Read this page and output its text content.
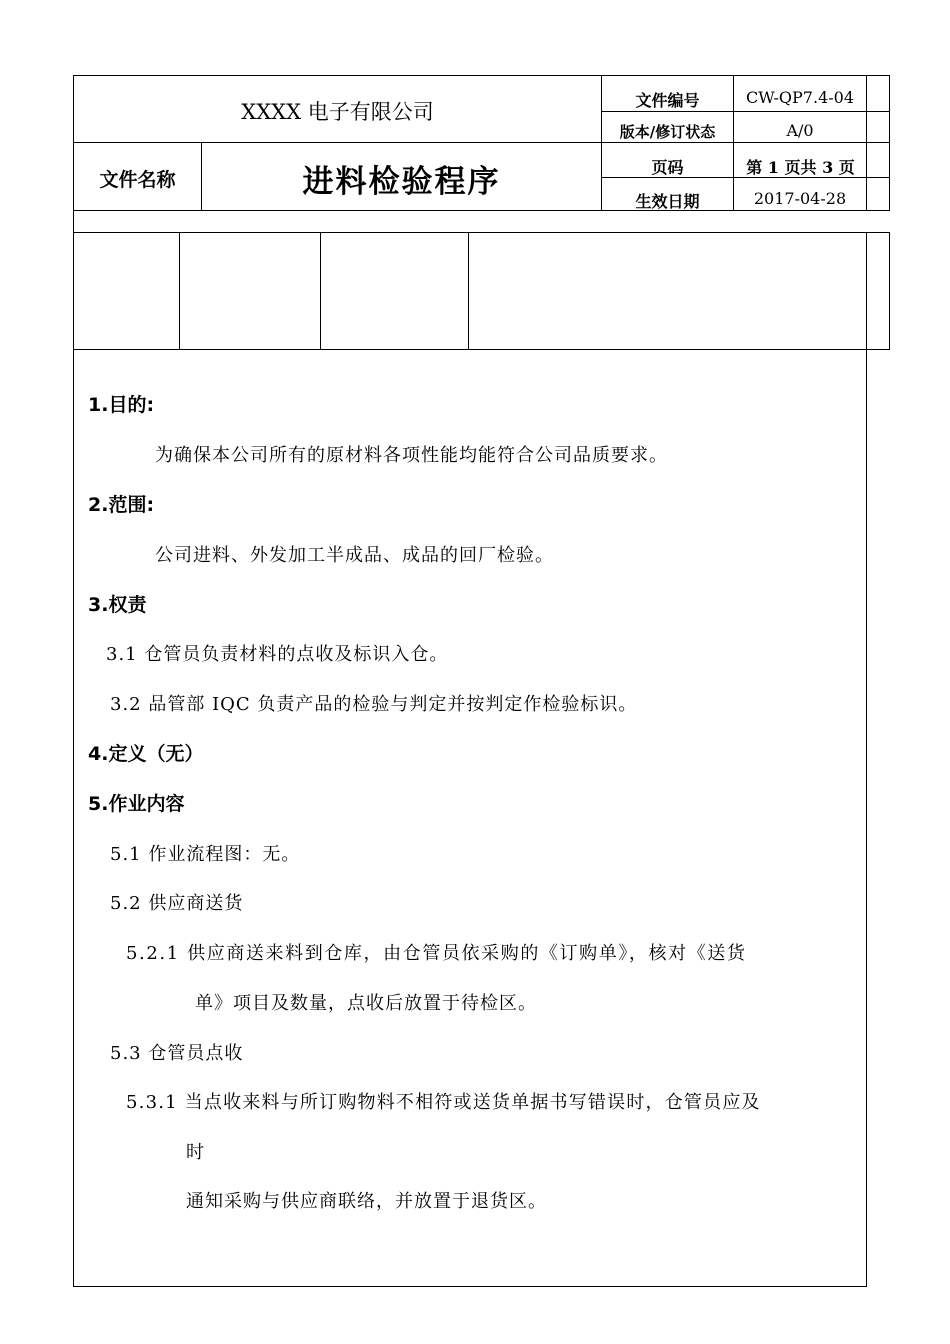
XXXX 电子有限公司	文件编号	CW-QP7.4-04
版本/修订状态	A/0
文件名称	进料检验程序	页码	第 1 页共 3 页
生效日期	2017-04-28
1.目的:
为确保本公司所有的原材料各项性能均能符合公司品质要求。
2.范围:
公司进料、外发加工半成品、成品的回厂检验。
3.权责
3.1 仓管员负责材料的点收及标识入仓。
3.2 品管部 IQC 负责产品的检验与判定并按判定作检验标识。
4.定义（无）
5.作业内容
5.1 作业流程图：无。
5.2 供应商送货
5.2.1 供应商送来料到仓库，由仓管员依采购的《订购单》，核对《送货
单》项目及数量，点收后放置于待检区。
5.3 仓管员点收
5.3.1 当点收来料与所订购物料不相符或送货单据书写错误时，仓管员应及
时
通知采购与供应商联络，并放置于退货区。
